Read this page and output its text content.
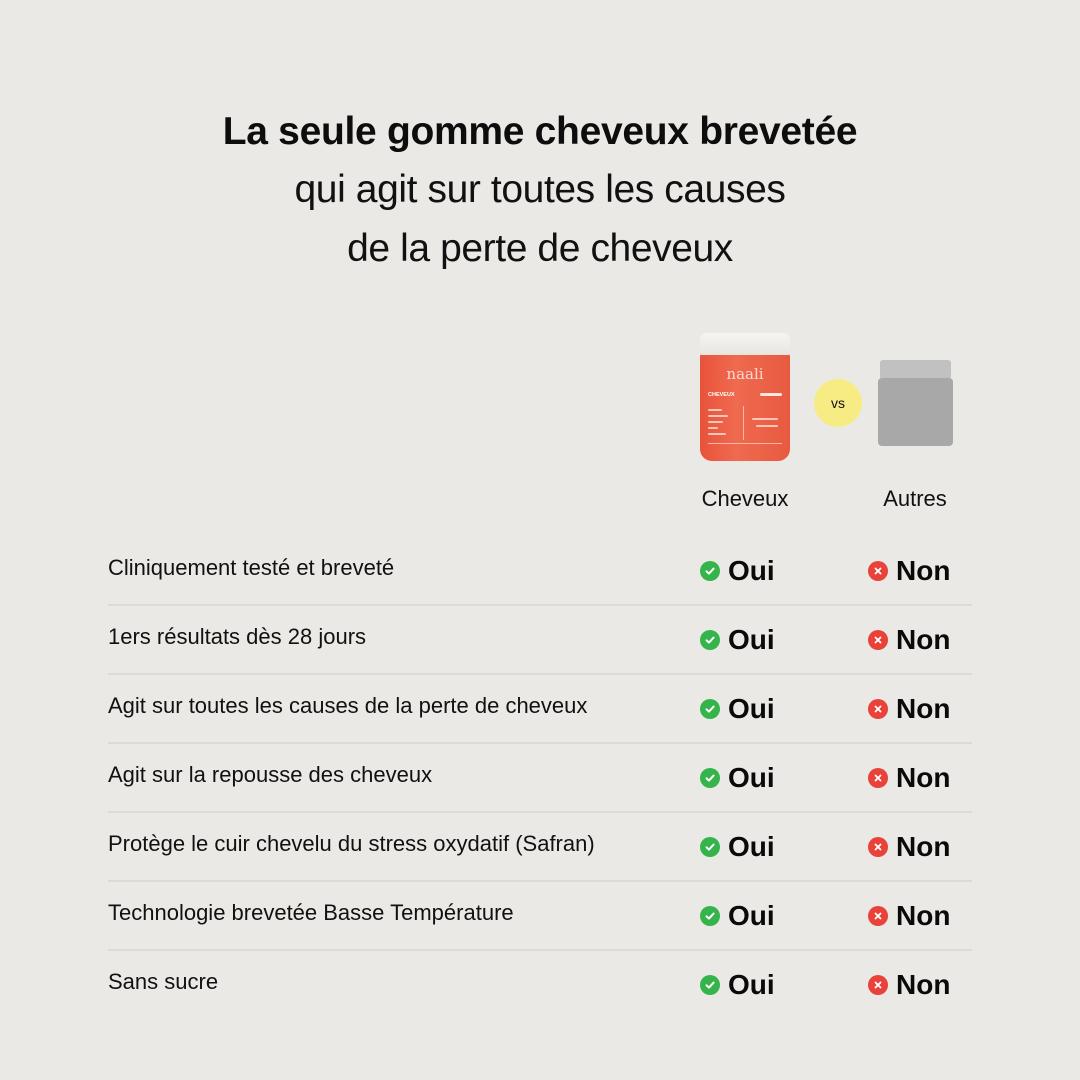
La seule gomme cheveux brevetée
qui agit sur toutes les causes
de la perte de cheveux
naali
CHEVEUX	vs
Cheveux	Autres
Cliniquement testé et breveté	Oui	Non
1ers résultats dès 28 jours	Oui	Non
Agit sur toutes les causes de la perte de cheveux	Oui	Non
Agit sur la repousse des cheveux	Oui	Non
Protège le cuir chevelu du stress oxydatif (Safran)	Oui	Non
Technologie brevetée Basse Température	Oui	Non
Sans sucre	Oui	Non
